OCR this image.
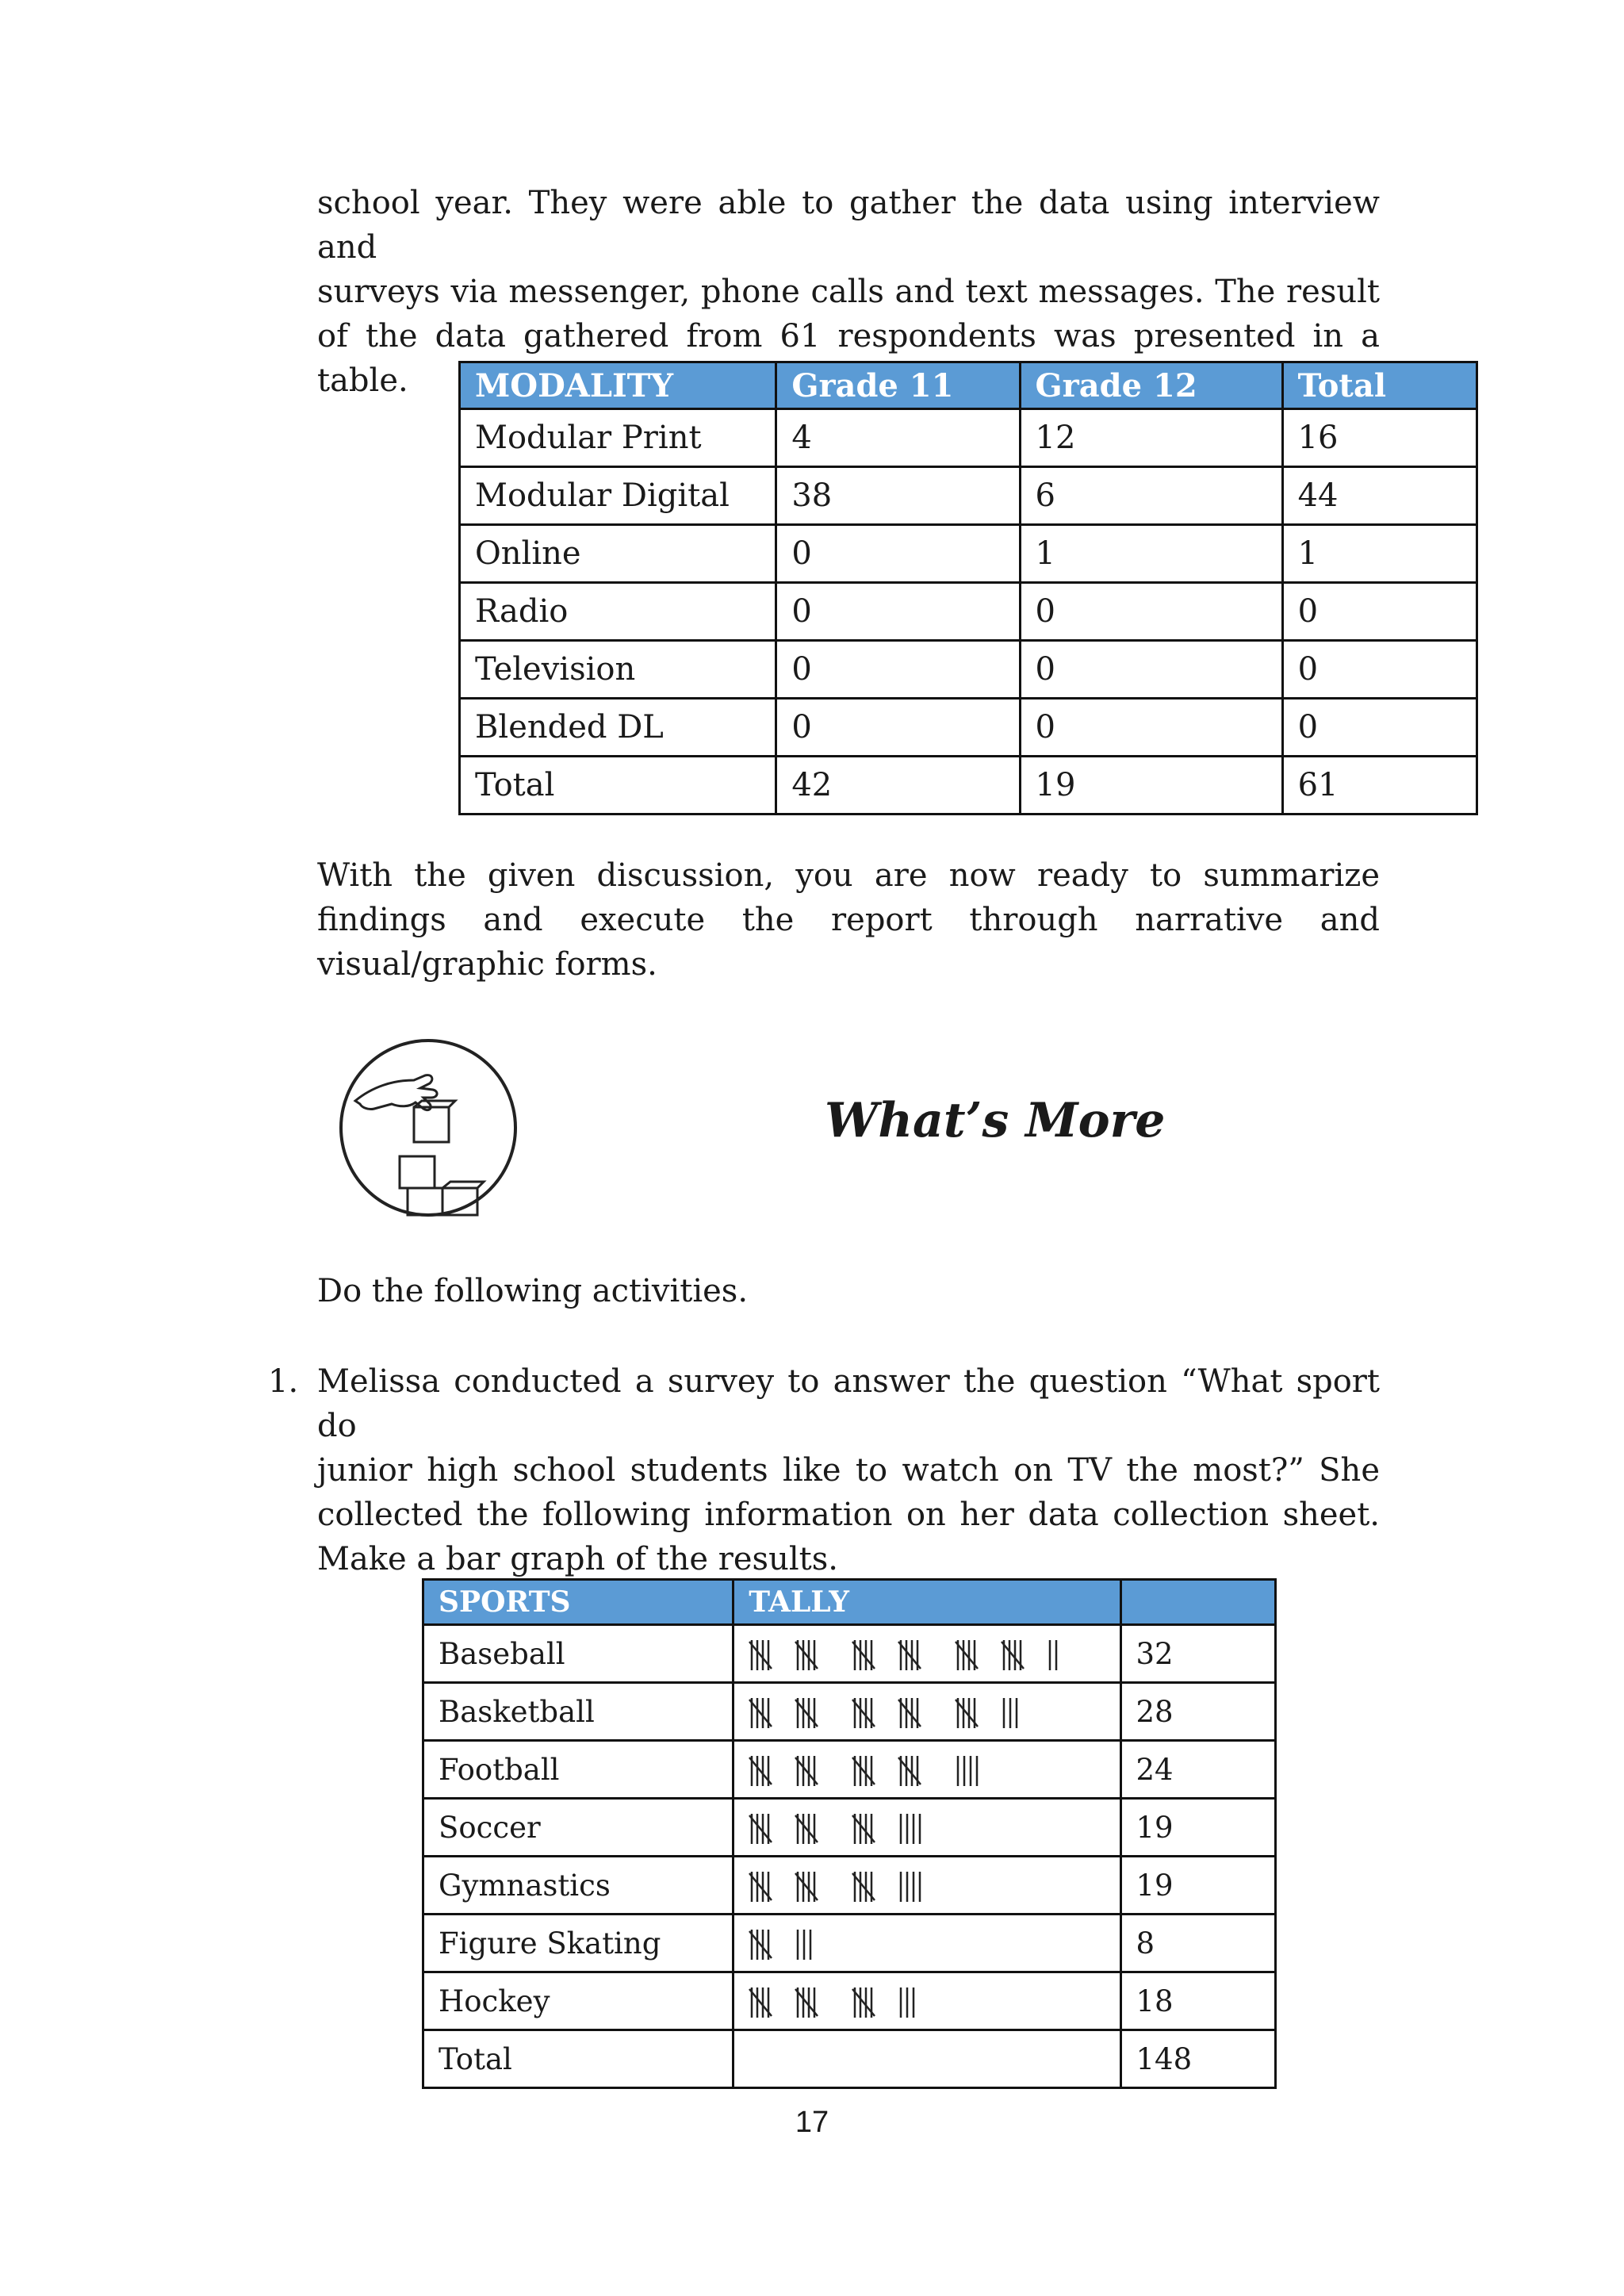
school year. They were able to gather the data using interview and
surveys via messenger, phone calls and text messages. The result
of the data gathered from 61 respondents was presented in a table.	MODALITY	Grade 11	Grade 12	Total
Modular Print	4	12	16
Modular Digital	38	6	44
Online	0	1	1
Radio	0	0	0
Television	0	0	0
Blended DL	0	0	0
Total	42	19	61
With the given discussion, you are now ready to summarize
findings and execute the report through narrative and
visual/graphic forms.
What’s More
Do the following activities.
1. Melissa conducted a survey to answer the question “What sport do
junior high school students like to watch on TV the most?” She
collected the following information on her data collection sheet.
Make a bar graph of the results.
SPORTS	TALLY	
Baseball		32
Basketball		28
Football		24
Soccer		19
Gymnastics		19
Figure Skating		8
Hockey		18
Total		148
17
